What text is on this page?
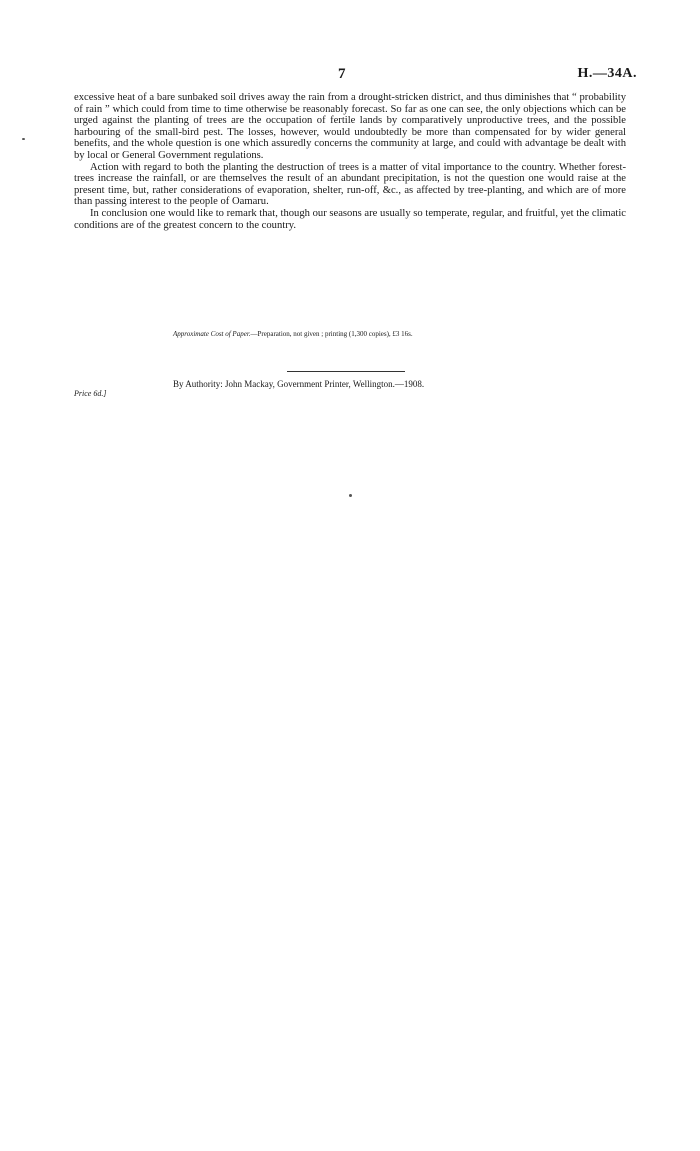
7	H.—34A.

excessive heat of a bare sunbaked soil drives away the rain from a drought-stricken district, and thus diminishes that “ probability of rain ” which could from time to time otherwise be reasonably forecast. So far as one can see, the only objections which can be urged against the planting of trees are the occupation of fertile lands by comparatively unproductive trees, and the possible harbouring of the small-bird pest. The losses, however, would undoubtedly be more than compensated for by wider general benefits, and the whole question is one which assuredly concerns the community at large, and could with advantage be dealt with by local or General Government regulations.

Action with regard to both the planting the destruction of trees is a matter of vital importance to the country. Whether forest-trees increase the rainfall, or are themselves the result of an abundant precipitation, is not the question one would raise at the present time, but, rather considerations of evaporation, shelter, run-off, &c., as affected by tree-planting, and which are of more than passing interest to the people of Oamaru.

In conclusion one would like to remark that, though our seasons are usually so temperate, regular, and fruitful, yet the climatic conditions are of the greatest concern to the country.

Approximate Cost of Paper.—Preparation, not given ; printing (1,300 copies), £3 16s.
By Authority: John Mackay, Government Printer, Wellington.—1908.
Price 6d.]
